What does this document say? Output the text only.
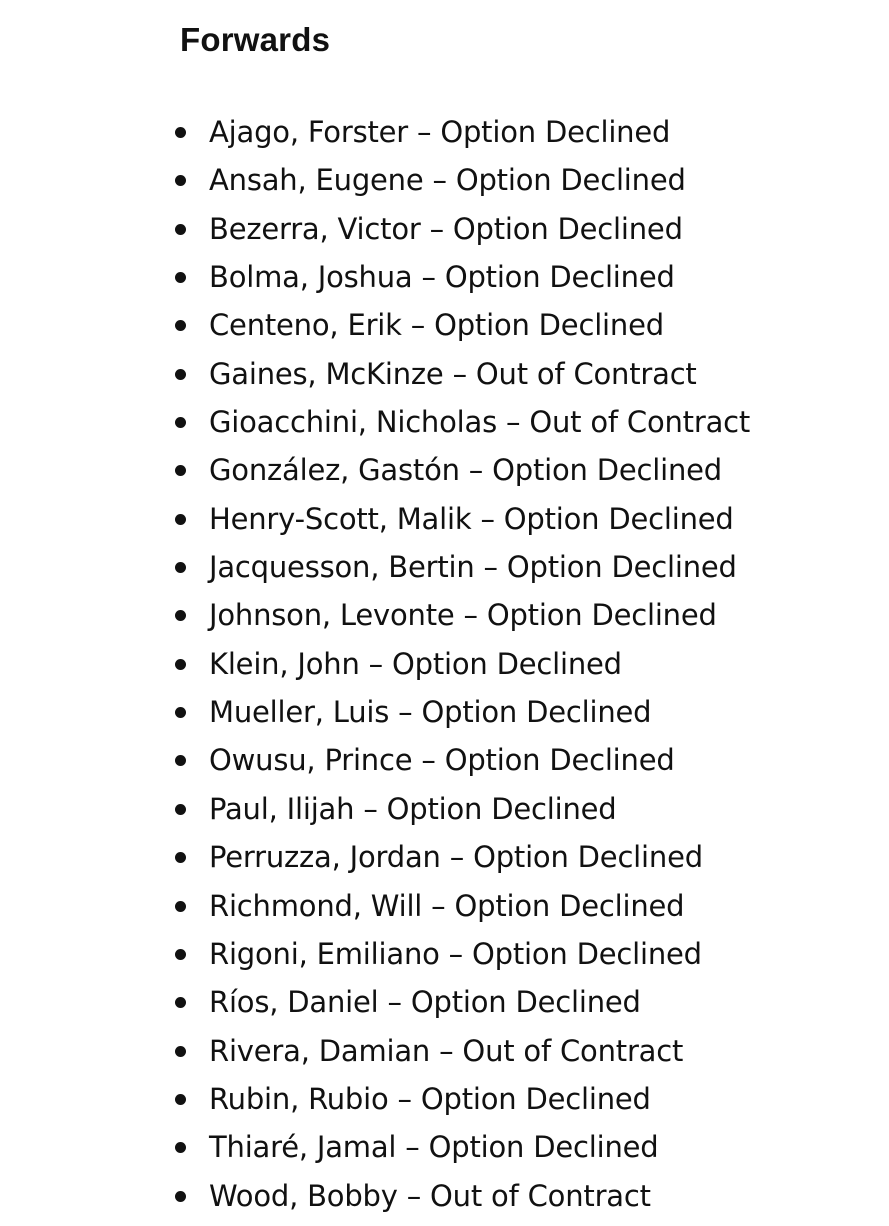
Forwards
Ajago, Forster – Option Declined
Ansah, Eugene – Option Declined
Bezerra, Victor – Option Declined
Bolma, Joshua – Option Declined
Centeno, Erik – Option Declined
Gaines, McKinze – Out of Contract
Gioacchini, Nicholas – Out of Contract
González, Gastón – Option Declined
Henry-Scott, Malik – Option Declined
Jacquesson, Bertin – Option Declined
Johnson, Levonte – Option Declined
Klein, John – Option Declined
Mueller, Luis – Option Declined
Owusu, Prince – Option Declined
Paul, Ilijah – Option Declined
Perruzza, Jordan – Option Declined
Richmond, Will – Option Declined
Rigoni, Emiliano – Option Declined
Ríos, Daniel – Option Declined
Rivera, Damian – Out of Contract
Rubin, Rubio – Option Declined
Thiaré, Jamal – Option Declined
Wood, Bobby – Out of Contract
